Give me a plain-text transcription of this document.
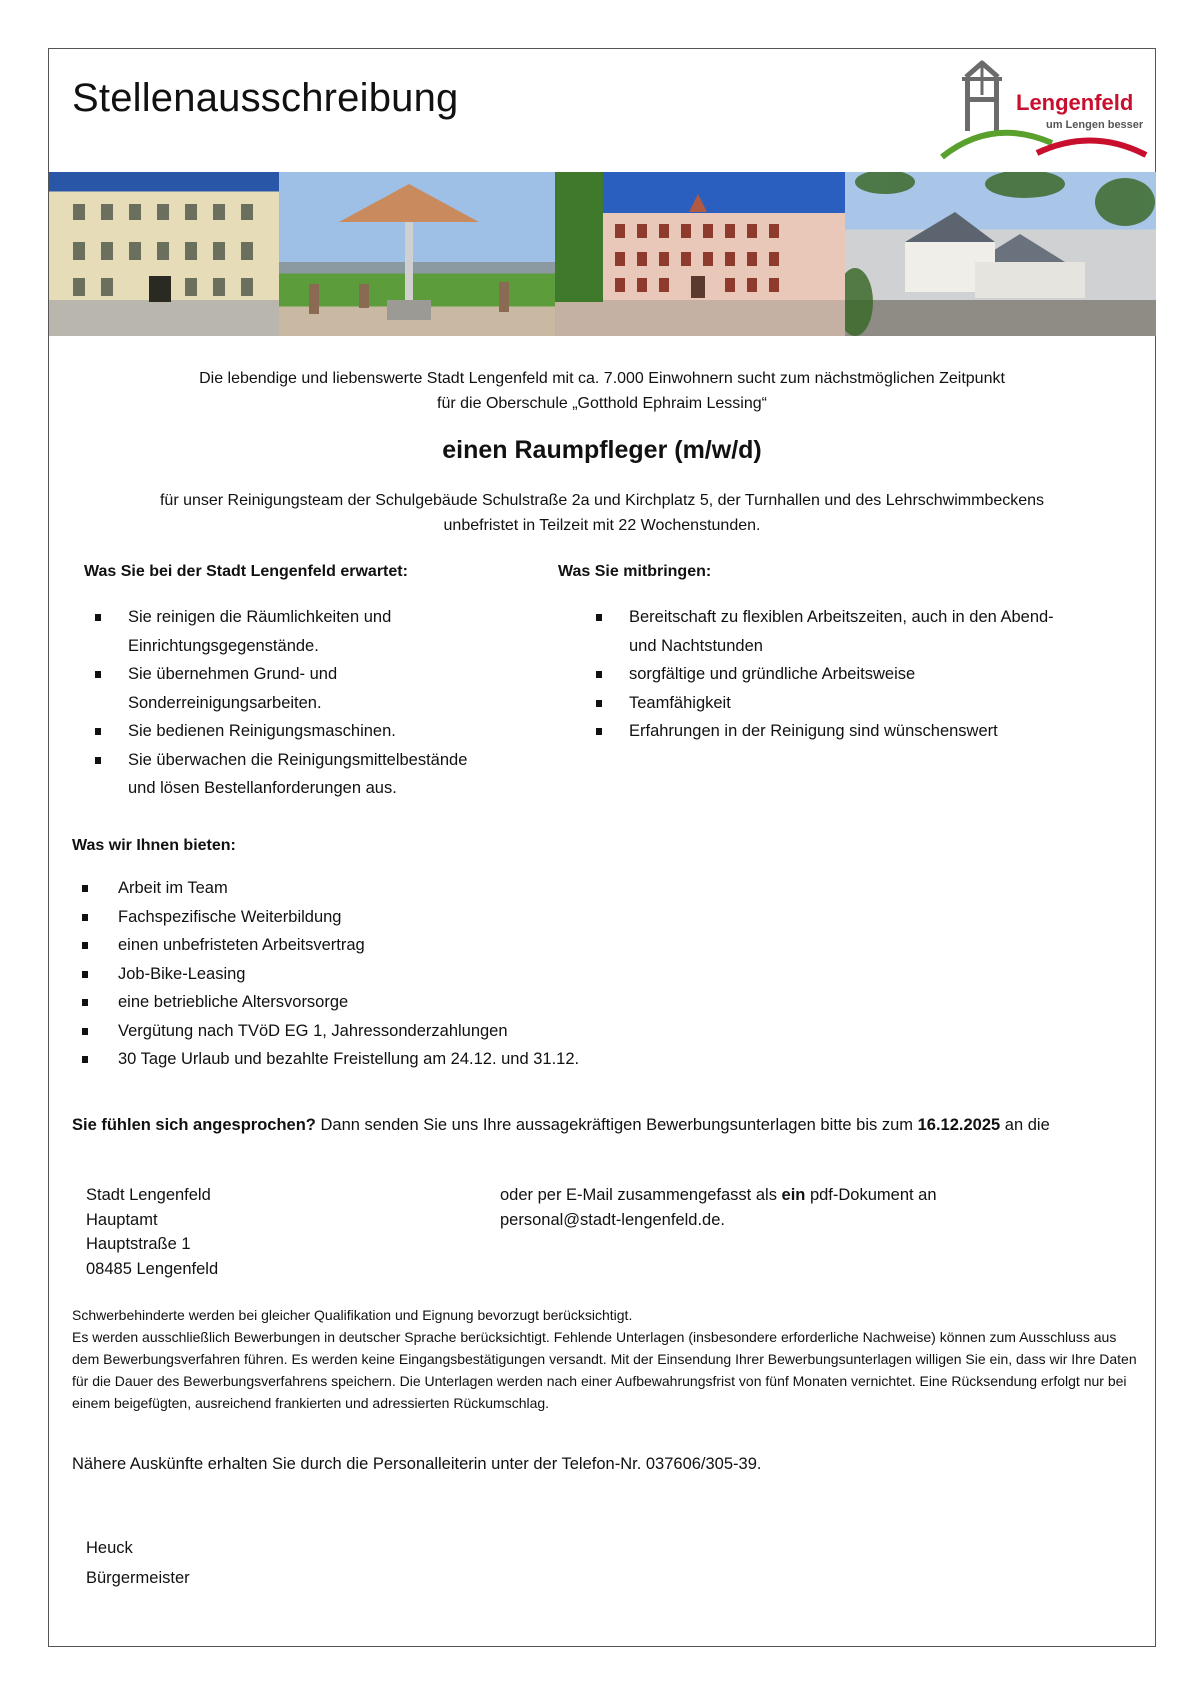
Stellenausschreibung	Lengenfeld
um Lengen besser
Die lebendige und liebenswerte Stadt Lengenfeld mit ca. 7.000 Einwohnern sucht zum nächstmöglichen Zeitpunkt
für die Oberschule „Gotthold Ephraim Lessing“
einen Raumpfleger (m/w/d)
für unser Reinigungsteam der Schulgebäude Schulstraße 2a und Kirchplatz 5, der Turnhallen und des Lehrschwimmbeckens
unbefristet in Teilzeit mit 22 Wochenstunden.
Was Sie bei der Stadt Lengenfeld erwartet:	Was Sie mitbringen:
Sie reinigen die Räumlichkeiten und
Einrichtungsgegenstände.
Sie übernehmen Grund- und
Sonderreinigungsarbeiten.
Sie bedienen Reinigungsmaschinen.
Sie überwachen die Reinigungsmittelbestände
und lösen Bestellanforderungen aus.
Bereitschaft zu flexiblen Arbeitszeiten, auch in den Abend-
und Nachtstunden
sorgfältige und gründliche Arbeitsweise
Teamfähigkeit
Erfahrungen in der Reinigung sind wünschenswert
Was wir Ihnen bieten:
Arbeit im Team
Fachspezifische Weiterbildung
einen unbefristeten Arbeitsvertrag
Job-Bike-Leasing
eine betriebliche Altersvorsorge
Vergütung nach TVöD EG 1, Jahressonderzahlungen
30 Tage Urlaub und bezahlte Freistellung am 24.12. und 31.12.
Sie fühlen sich angesprochen? Dann senden Sie uns Ihre aussagekräftigen Bewerbungsunterlagen bitte bis zum 16.12.2025 an die
Stadt Lengenfeld
Hauptamt
Hauptstraße 1
08485 Lengenfeld
oder per E-Mail zusammengefasst als ein pdf-Dokument an
personal@stadt-lengenfeld.de.
Schwerbehinderte werden bei gleicher Qualifikation und Eignung bevorzugt berücksichtigt.
Es werden ausschließlich Bewerbungen in deutscher Sprache berücksichtigt. Fehlende Unterlagen (insbesondere erforderliche Nachweise) können zum Ausschluss aus dem Bewerbungsverfahren führen. Es werden keine Eingangsbestätigungen versandt. Mit der Einsendung Ihrer Bewerbungsunterlagen willigen Sie ein, dass wir Ihre Daten für die Dauer des Bewerbungsverfahrens speichern. Die Unterlagen werden nach einer Aufbewahrungsfrist von fünf Monaten vernichtet. Eine Rücksendung erfolgt nur bei einem beigefügten, ausreichend frankierten und adressierten Rückumschlag.
Nähere Auskünfte erhalten Sie durch die Personalleiterin unter der Telefon-Nr. 037606/305-39.
Heuck
Bürgermeister
